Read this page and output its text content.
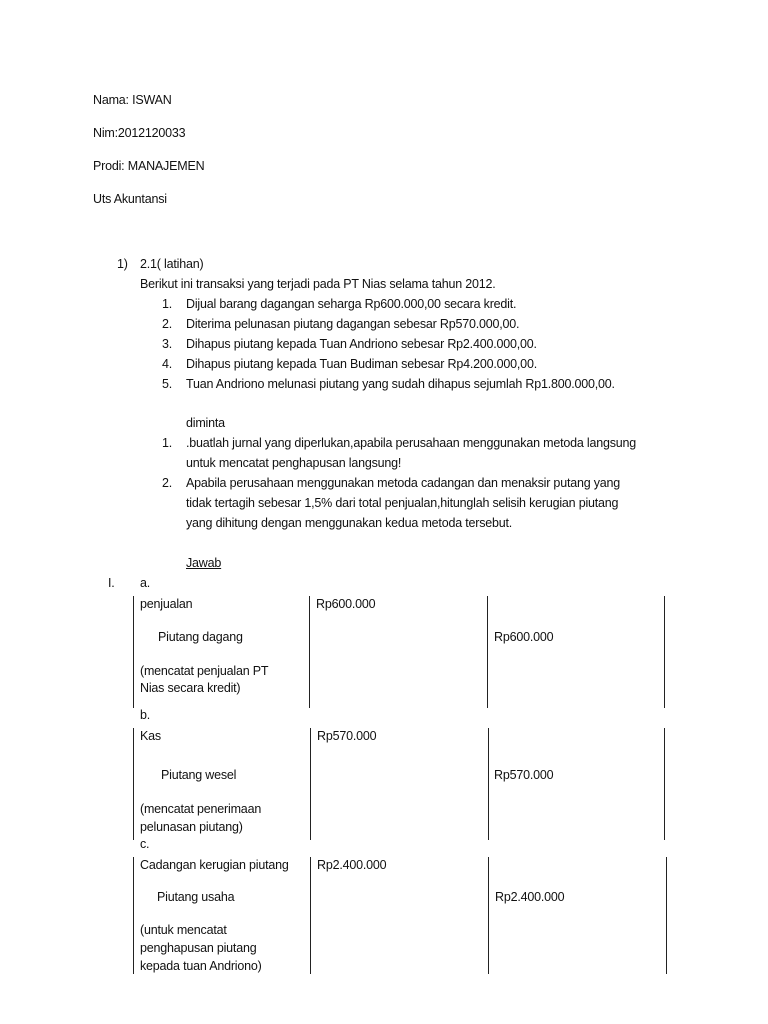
Nama: ISWAN
Nim:2012120033
Prodi: MANAJEMEN
Uts Akuntansi
1) 2.1( latihan)
Berikut ini transaksi yang terjadi pada PT Nias selama tahun 2012.
1. Dijual barang dagangan seharga Rp600.000,00 secara kredit.
2. Diterima pelunasan piutang dagangan sebesar Rp570.000,00.
3. Dihapus piutang kepada Tuan Andriono sebesar Rp2.400.000,00.
4. Dihapus piutang kepada Tuan Budiman sebesar Rp4.200.000,00.
5. Tuan Andriono melunasi piutang yang sudah dihapus sejumlah Rp1.800.000,00.
diminta
1. .buatlah jurnal yang diperlukan,apabila perusahaan menggunakan metoda langsung
untuk mencatat penghapusan langsung!
2. Apabila perusahaan menggunakan metoda cadangan dan menaksir putang yang
tidak tertagih sebesar 1,5% dari total penjualan,hitunglah selisih kerugian piutang
yang dihitung dengan menggunakan kedua metoda tersebut.
Jawab
I. a.
penjualan
Piutang dagang
(mencatat penjualan PT
Nias secara kredit)
Rp600.000
Rp600.000
b.
Kas
Piutang wesel
(mencatat penerimaan
pelunasan piutang)
Rp570.000
Rp570.000
c.
Cadangan kerugian piutang
Piutang usaha
(untuk mencatat
penghapusan piutang
kepada tuan Andriono)
Rp2.400.000
Rp2.400.000
